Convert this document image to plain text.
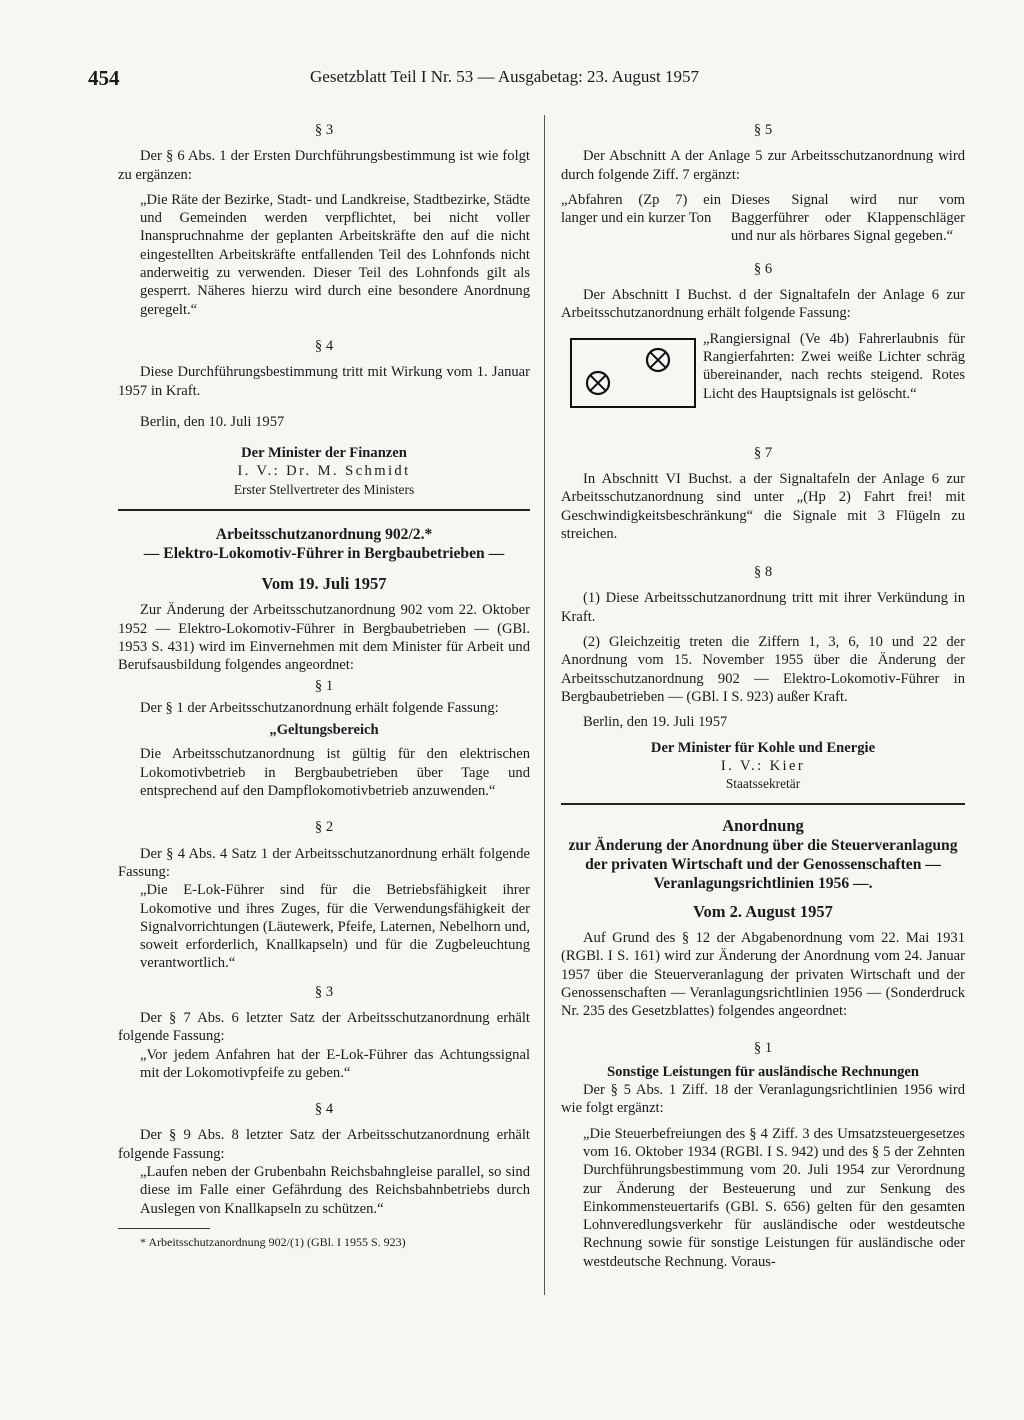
454	Gesetzblatt Teil I Nr. 53 — Ausgabetag: 23. August 1957
§ 3

Der § 6 Abs. 1 der Ersten Durchführungsbestimmung ist wie folgt zu ergänzen:

„Die Räte der Bezirke, Stadt- und Landkreise, Stadtbezirke, Städte und Gemeinden werden verpflichtet, bei nicht voller Inanspruchnahme der geplanten Arbeitskräfte den auf die nicht eingestellten Arbeitskräfte entfallenden Teil des Lohnfonds nicht anderweitig zu verwenden. Dieser Teil des Lohnfonds gilt als gesperrt. Näheres hierzu wird durch eine besondere Anordnung geregelt.“

§ 4

Diese Durchführungsbestimmung tritt mit Wirkung vom 1. Januar 1957 in Kraft.

Berlin, den 10. Juli 1957

Der Minister der Finanzen
I. V.: Dr. M. Schmidt
Erster Stellvertreter des Ministers
Arbeitsschutzanordnung 902/2.*
— Elektro-Lokomotiv-Führer in Bergbaubetrieben —
Vom 19. Juli 1957

Zur Änderung der Arbeitsschutzanordnung 902 vom 22. Oktober 1952 — Elektro-Lokomotiv-Führer in Bergbaubetrieben — (GBl. 1953 S. 431) wird im Einvernehmen mit dem Minister für Arbeit und Berufsausbildung folgendes angeordnet:

§ 1

Der § 1 der Arbeitsschutzanordnung erhält folgende Fassung:

„Geltungsbereich

Die Arbeitsschutzanordnung ist gültig für den elektrischen Lokomotivbetrieb in Bergbaubetrieben über Tage und entsprechend auf den Dampflokomotivbetrieb anzuwenden.“

§ 2

Der § 4 Abs. 4 Satz 1 der Arbeitsschutzanordnung erhält folgende Fassung:

„Die E-Lok-Führer sind für die Betriebsfähigkeit ihrer Lokomotive und ihres Zuges, für die Verwendungsfähigkeit der Signalvorrichtungen (Läutewerk, Pfeife, Laternen, Nebelhorn und, soweit erforderlich, Knallkapseln) und für die Zugbeleuchtung verantwortlich.“

§ 3

Der § 7 Abs. 6 letzter Satz der Arbeitsschutzanordnung erhält folgende Fassung:

„Vor jedem Anfahren hat der E-Lok-Führer das Achtungssignal mit der Lokomotivpfeife zu geben.“

§ 4

Der § 9 Abs. 8 letzter Satz der Arbeitsschutzanordnung erhält folgende Fassung:

„Laufen neben der Grubenbahn Reichsbahngleise parallel, so sind diese im Falle einer Gefährdung des Reichsbahnbetriebs durch Auslegen von Knallkapseln zu schützen.“

* Arbeitsschutzanordnung 902/(1) (GBl. I 1955 S. 923)

§ 5

Der Abschnitt A der Anlage 5 zur Arbeitsschutzanordnung wird durch folgende Ziff. 7 ergänzt:

„Abfahren (Zp 7) ein langer und ein kurzer Ton	Dieses Signal wird nur vom Baggerführer oder Klappenschläger und nur als hörbares Signal gegeben.“
§ 6

Der Abschnitt I Buchst. d der Signaltafeln der Anlage 6 zur Arbeitsschutzanordnung erhält folgende Fassung:

„Rangiersignal (Ve 4b) Fahrerlaubnis für Rangierfahrten: Zwei weiße Lichter schräg übereinander, nach rechts steigend. Rotes Licht des Hauptsignals ist gelöscht.“

§ 7

In Abschnitt VI Buchst. a der Signaltafeln der Anlage 6 zur Arbeitsschutzanordnung sind unter „(Hp 2) Fahrt frei! mit Geschwindigkeitsbeschränkung“ die Signale mit 3 Flügeln zu streichen.

§ 8

(1) Diese Arbeitsschutzanordnung tritt mit ihrer Verkündung in Kraft.

(2) Gleichzeitig treten die Ziffern 1, 3, 6, 10 und 22 der Anordnung vom 15. November 1955 über die Änderung der Arbeitsschutzanordnung 902 — Elektro-Lokomotiv-Führer in Bergbaubetrieben — (GBl. I S. 923) außer Kraft.

Berlin, den 19. Juli 1957

Der Minister für Kohle und Energie
I. V.: Kier
Staatssekretär
Anordnung
zur Änderung der Anordnung über die Steuerveranlagung der privaten Wirtschaft und der Genossenschaften — Veranlagungsrichtlinien 1956 —.
Vom 2. August 1957

Auf Grund des § 12 der Abgabenordnung vom 22. Mai 1931 (RGBl. I S. 161) wird zur Änderung der Anordnung vom 24. Januar 1957 über die Steuerveranlagung der privaten Wirtschaft und der Genossenschaften — Veranlagungsrichtlinien 1956 — (Sonderdruck Nr. 235 des Gesetzblattes) folgendes angeordnet:

§ 1
Sonstige Leistungen für ausländische Rechnungen

Der § 5 Abs. 1 Ziff. 18 der Veranlagungsrichtlinien 1956 wird wie folgt ergänzt:

„Die Steuerbefreiungen des § 4 Ziff. 3 des Umsatzsteuergesetzes vom 16. Oktober 1934 (RGBl. I S. 942) und des § 5 der Zehnten Durchführungsbestimmung vom 20. Juli 1954 zur Verordnung zur Änderung der Besteuerung und zur Senkung des Einkommensteuertarifs (GBl. S. 656) gelten für den gesamten Lohnveredlungsverkehr für ausländische oder westdeutsche Rechnung sowie für sonstige Leistungen für ausländische oder westdeutsche Rechnung. Voraus-
